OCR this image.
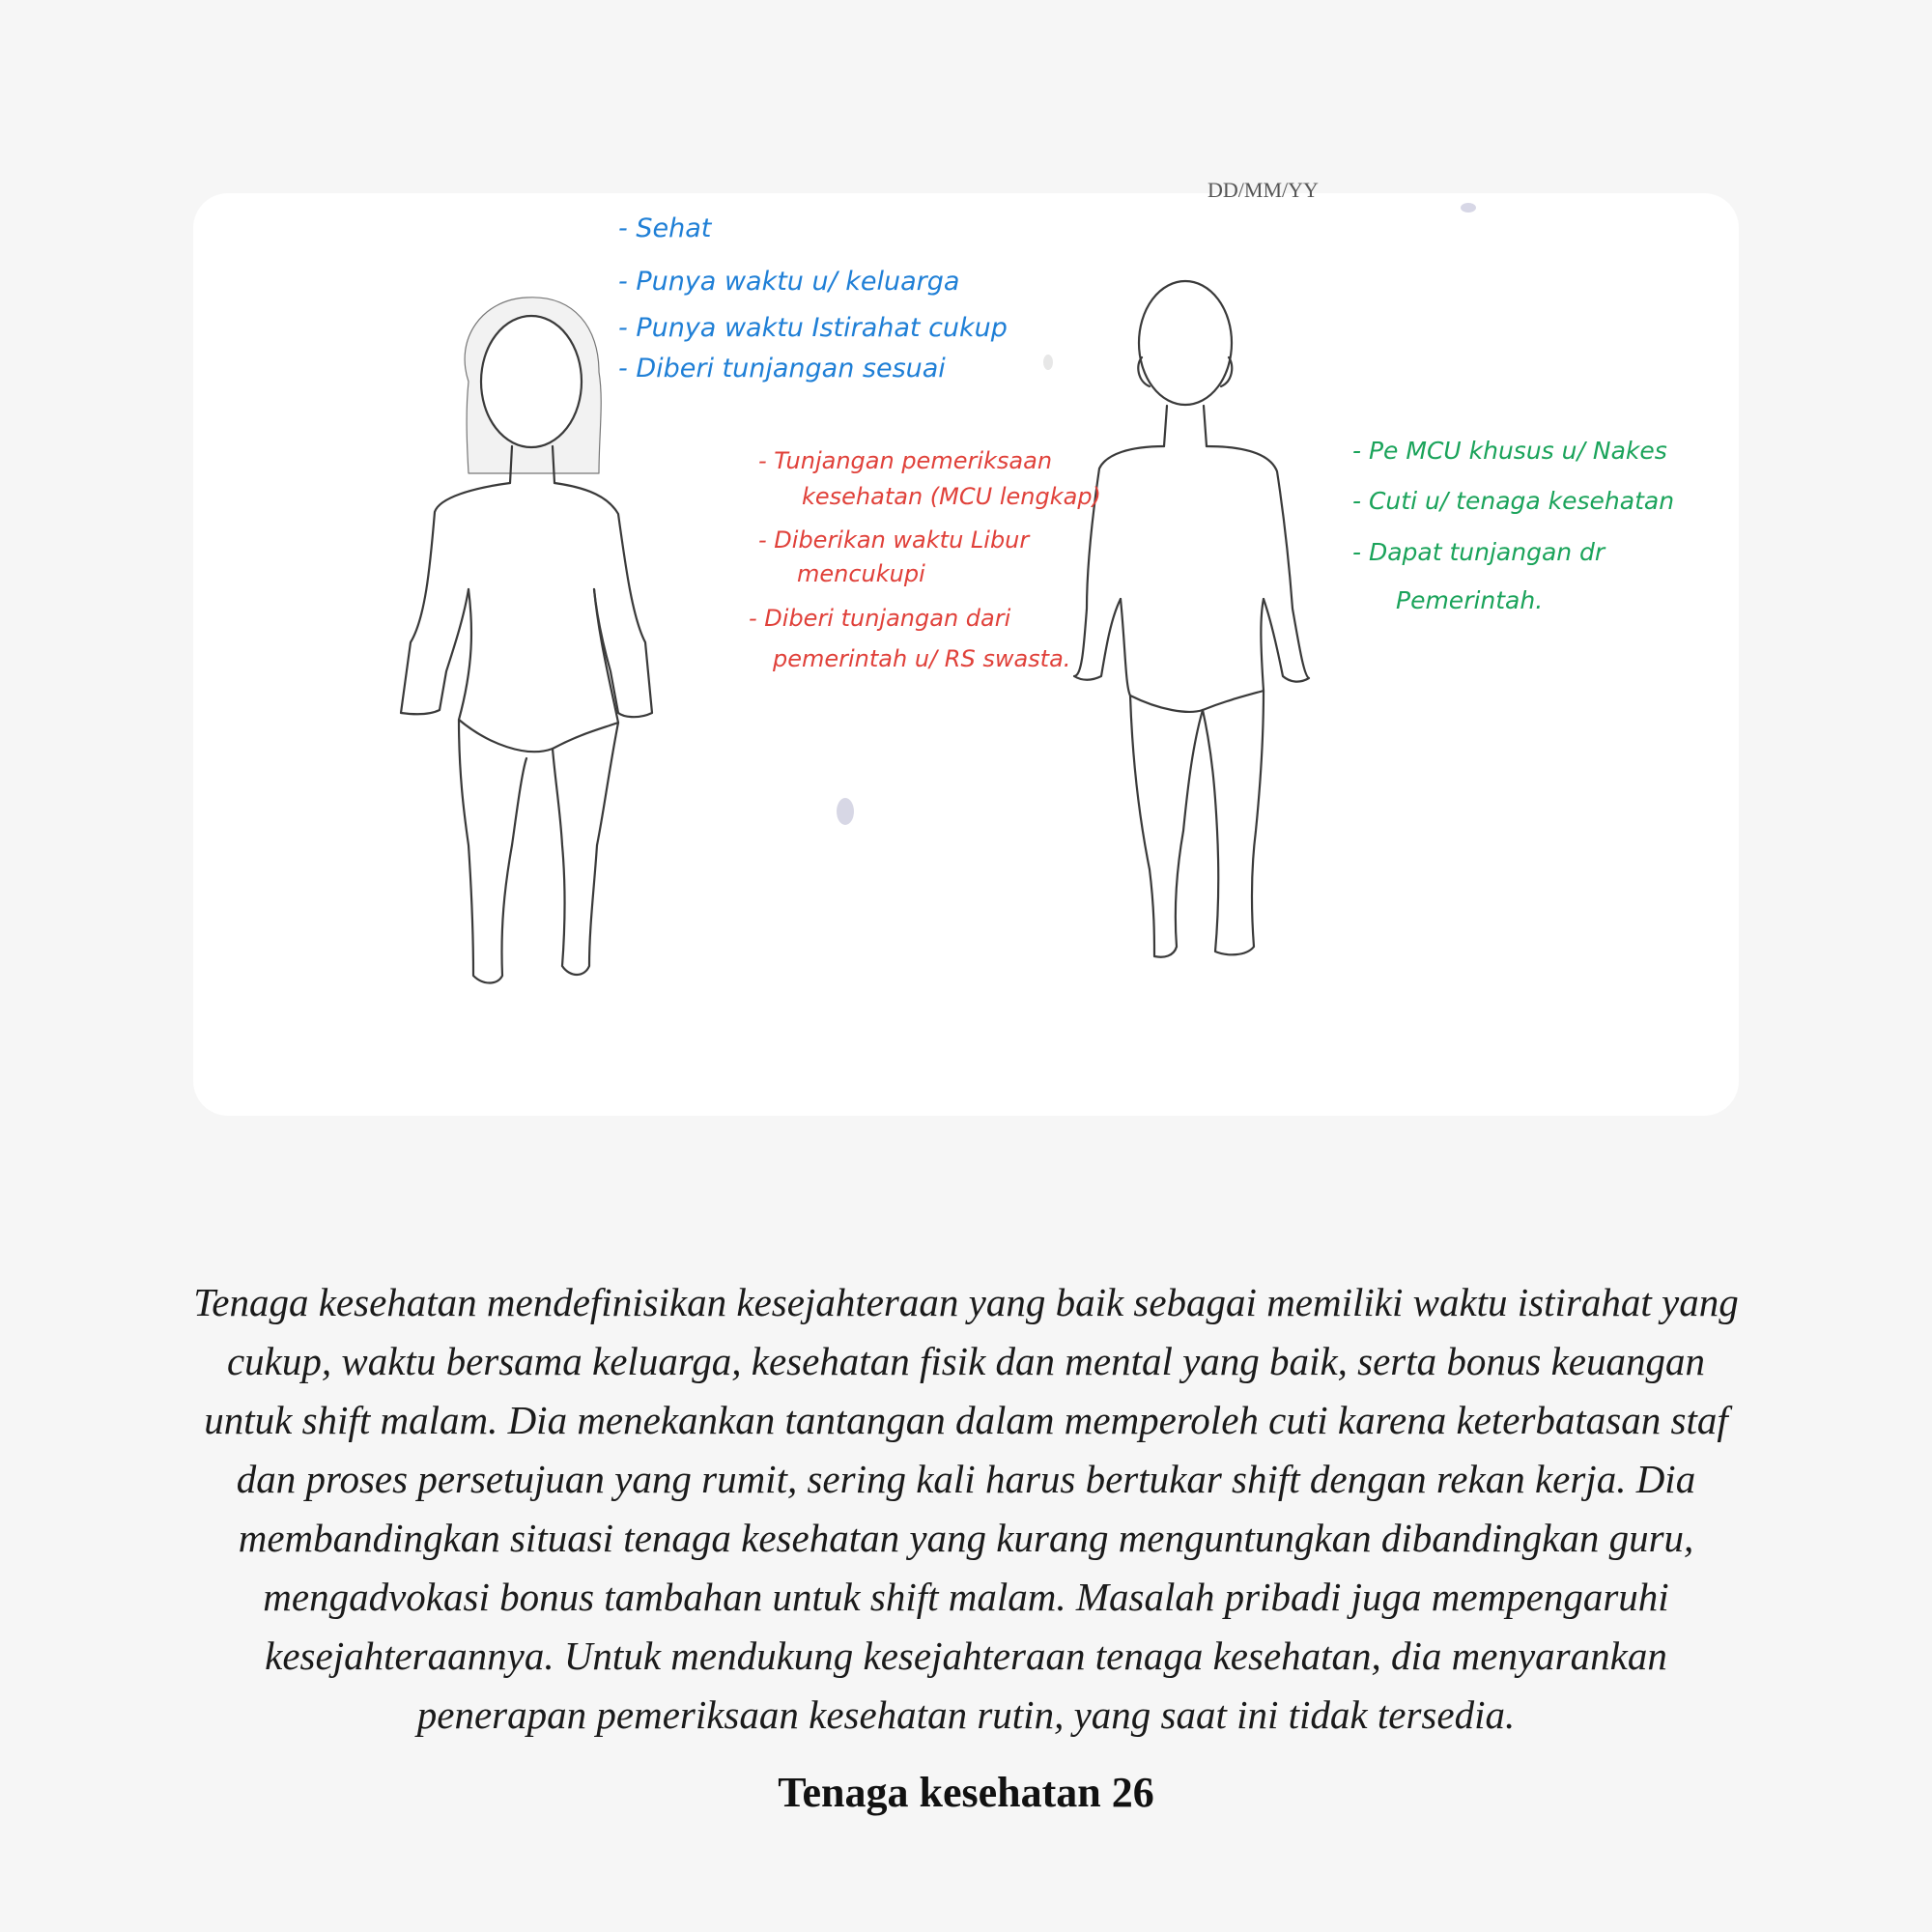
DD/MM/YY
- Sehat
- Punya waktu u/ keluarga
- Punya waktu Istirahat cukup
- Diberi tunjangan sesuai
- Tunjangan pemeriksaan
kesehatan (MCU lengkap)
- Diberikan waktu Libur
mencukupi
- Diberi tunjangan dari
pemerintah u/ RS swasta.
- Pe MCU khusus u/ Nakes
- Cuti u/ tenaga kesehatan
- Dapat tunjangan dr
Pemerintah.
Tenaga kesehatan mendefinisikan kesejahteraan yang baik sebagai memiliki waktu istirahat yang cukup, waktu bersama keluarga, kesehatan fisik dan mental yang baik, serta bonus keuangan untuk shift malam. Dia menekankan tantangan dalam memperoleh cuti karena keterbatasan staf dan proses persetujuan yang rumit, sering kali harus bertukar shift dengan rekan kerja. Dia membandingkan situasi tenaga kesehatan yang kurang menguntungkan dibandingkan guru, mengadvokasi bonus tambahan untuk shift malam. Masalah pribadi juga mempengaruhi kesejahteraannya. Untuk mendukung kesejahteraan tenaga kesehatan, dia menyarankan penerapan pemeriksaan kesehatan rutin, yang saat ini tidak tersedia.
Tenaga kesehatan 26
